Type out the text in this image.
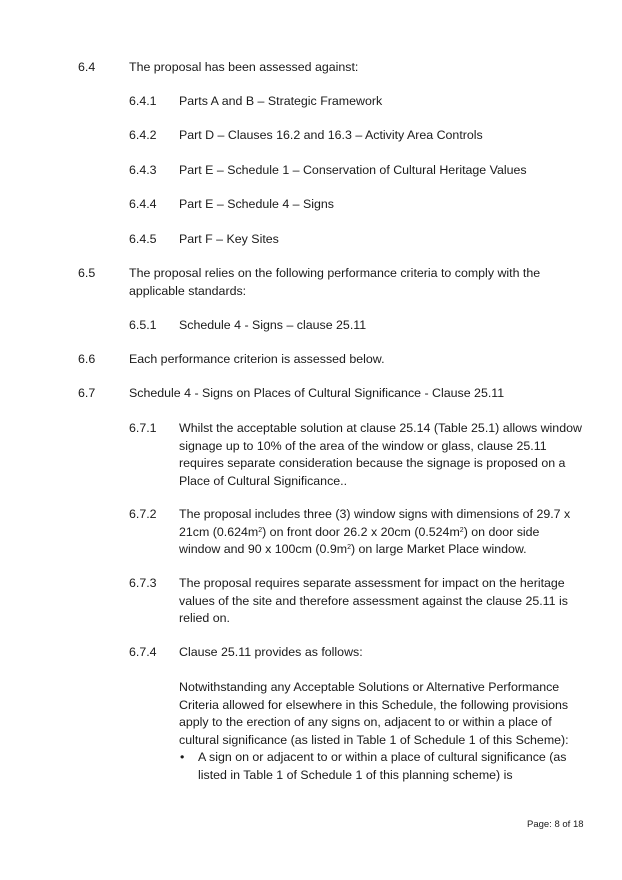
6.4	The proposal has been assessed against:
6.4.1 Parts A and B – Strategic Framework
6.4.2 Part D – Clauses 16.2 and 16.3 – Activity Area Controls
6.4.3 Part E – Schedule 1 – Conservation of Cultural Heritage Values
6.4.4 Part E – Schedule 4 – Signs
6.4.5 Part F – Key Sites
6.5	The proposal relies on the following performance criteria to comply with the
applicable standards:
6.5.1 Schedule 4 - Signs – clause 25.11
6.6	Each performance criterion is assessed below.
6.7	Schedule 4 - Signs on Places of Cultural Significance - Clause 25.11
6.7.1 Whilst the acceptable solution at clause 25.14 (Table 25.1) allows window
signage up to 10% of the area of the window or glass, clause 25.11
requires separate consideration because the signage is proposed on a
Place of Cultural Significance..
6.7.2 The proposal includes three (3) window signs with dimensions of 29.7 x
21cm $(0.624m^2)$ on front door 26.2 x 20cm $(0.524m^2)$ on door side
window and 90 x 100cm $(0.9m^2)$ on large Market Place window.
6.7.3 The proposal requires separate assessment for impact on the heritage
values of the site and therefore assessment against the clause 25.11 is
relied on.
6.7.4 Clause 25.11 provides as follows:
Notwithstanding any Acceptable Solutions or Alternative Performance
Criteria allowed for elsewhere in this Schedule, the following provisions
apply to the erection of any signs on, adjacent to or within a place of
cultural significance (as listed in Table 1 of Schedule 1 of this Scheme):
• A sign on or adjacent to or within a place of cultural significance (as
listed in Table 1 of Schedule 1 of this planning scheme) is
Page: 8 of 18
